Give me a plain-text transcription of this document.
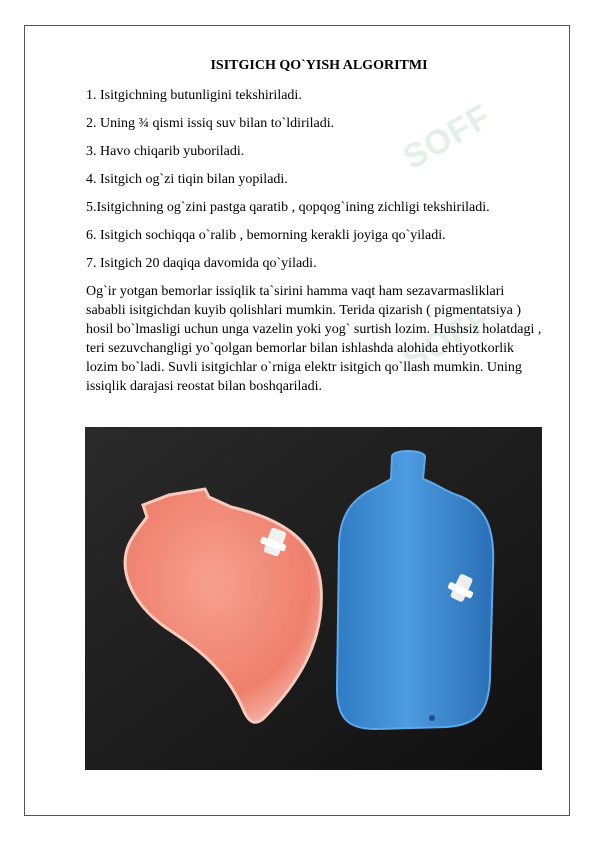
SOFF
SOFF
ISITGICH QO`YISH ALGORITMI
1. Isitgichning butunligini tekshiriladi.
2. Uning ¾ qismi issiq suv bilan to`ldiriladi.
3. Havo chiqarib yuboriladi.
4. Isitgich og`zi tiqin bilan yopiladi.
5.Isitgichning og`zini pastga qaratib , qopqog`ining zichligi tekshiriladi.
6. Isitgich sochiqqa o`ralib , bemorning kerakli joyiga qo`yiladi.
7. Isitgich 20 daqiqa davomida qo`yiladi.

Og`ir yotgan bemorlar issiqlik ta`sirini hamma vaqt ham sezavarmasliklari sababli isitgichdan kuyib qolishlari mumkin. Terida qizarish ( pigmentatsiya ) hosil bo`lmasligi uchun unga vazelin yoki yog` surtish lozim. Hushsiz holatdagi , teri sezuvchangligi yo`qolgan bemorlar bilan ishlashda alohida ehtiyotkorlik lozim bo`ladi. Suvli isitgichlar o`rniga elektr isitgich qo`llash mumkin. Uning issiqlik darajasi reostat bilan boshqariladi.
